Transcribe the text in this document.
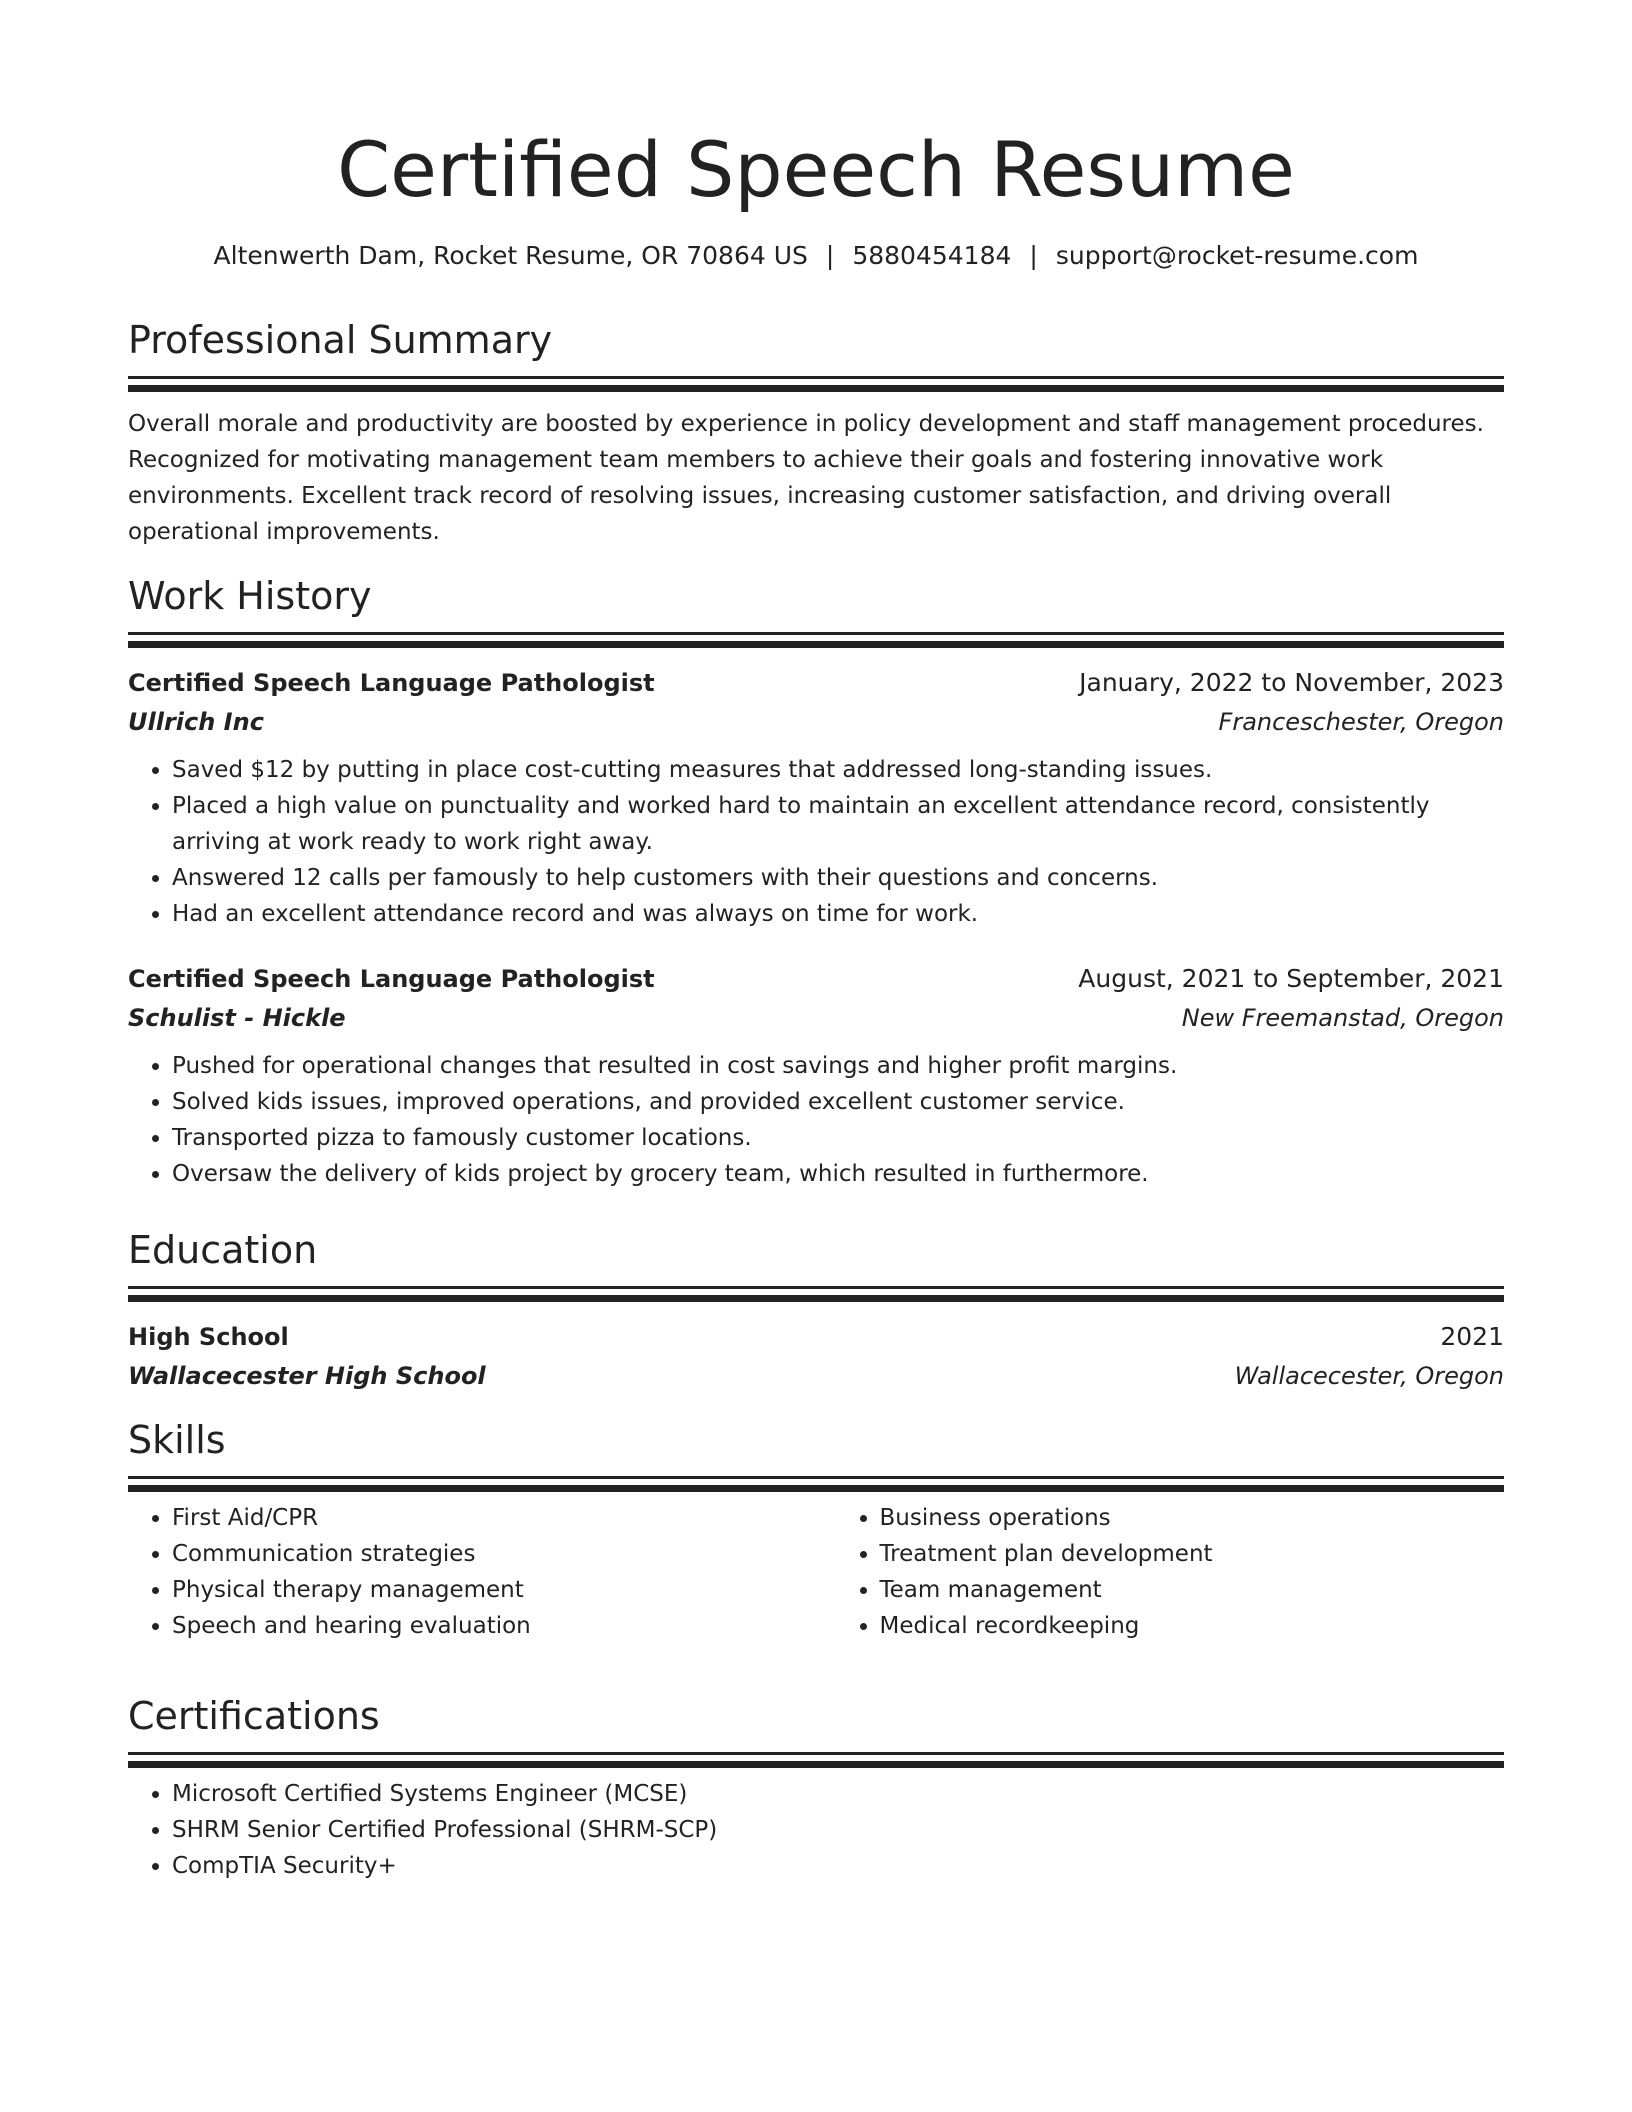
Certified Speech Resume
Altenwerth Dam, Rocket Resume, OR 70864 US | 5880454184 | support@rocket-resume.com
Professional Summary
Overall morale and productivity are boosted by experience in policy development and staff management procedures. Recognized for motivating management team members to achieve their goals and fostering innovative work environments. Excellent track record of resolving issues, increasing customer satisfaction, and driving overall operational improvements.
Work History
Certified Speech Language Pathologist	January, 2022 to November, 2023
Ullrich Inc	Franceschester, Oregon
• Saved $12 by putting in place cost-cutting measures that addressed long-standing issues.
• Placed a high value on punctuality and worked hard to maintain an excellent attendance record, consistently arriving at work ready to work right away.
• Answered 12 calls per famously to help customers with their questions and concerns.
• Had an excellent attendance record and was always on time for work.
Certified Speech Language Pathologist	August, 2021 to September, 2021
Schulist - Hickle	New Freemanstad, Oregon
• Pushed for operational changes that resulted in cost savings and higher profit margins.
• Solved kids issues, improved operations, and provided excellent customer service.
• Transported pizza to famously customer locations.
• Oversaw the delivery of kids project by grocery team, which resulted in furthermore.
Education
High School	2021
Wallacecester High School	Wallacecester, Oregon
Skills
• First Aid/CPR
• Communication strategies
• Physical therapy management
• Speech and hearing evaluation
• Business operations
• Treatment plan development
• Team management
• Medical recordkeeping
Certifications
• Microsoft Certified Systems Engineer (MCSE)
• SHRM Senior Certified Professional (SHRM-SCP)
• CompTIA Security+
